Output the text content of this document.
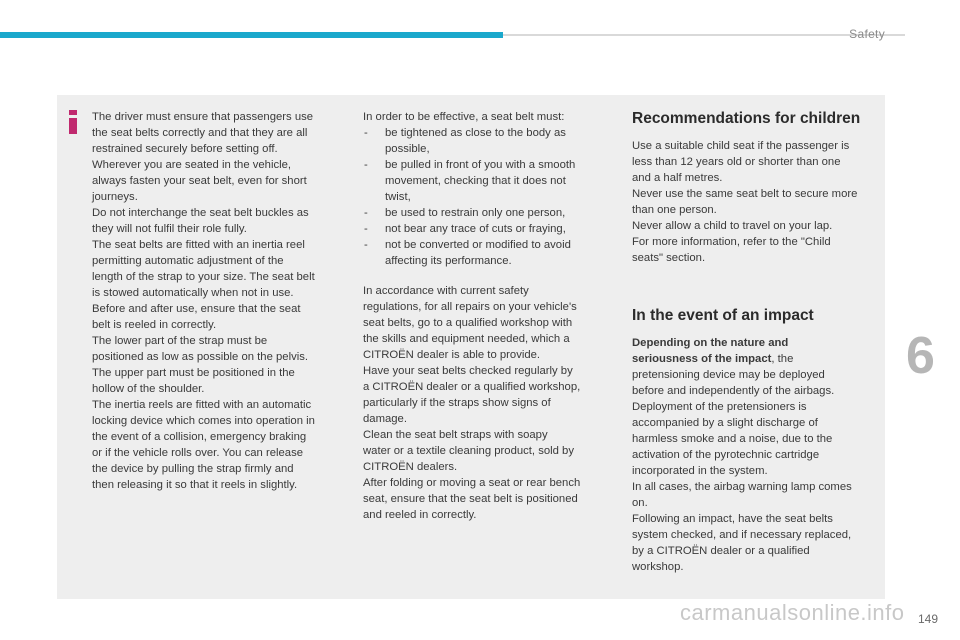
Safety
The driver must ensure that passengers use
the seat belts correctly and that they are all
restrained securely before setting off.
Wherever you are seated in the vehicle,
always fasten your seat belt, even for short
journeys.
Do not interchange the seat belt buckles as
they will not fulfil their role fully.
The seat belts are fitted with an inertia reel
permitting automatic adjustment of the
length of the strap to your size. The seat belt
is stowed automatically when not in use.
Before and after use, ensure that the seat
belt is reeled in correctly.
The lower part of the strap must be
positioned as low as possible on the pelvis.
The upper part must be positioned in the
hollow of the shoulder.
The inertia reels are fitted with an automatic
locking device which comes into operation in
the event of a collision, emergency braking
or if the vehicle rolls over. You can release
the device by pulling the strap firmly and
then releasing it so that it reels in slightly.

In order to be effective, a seat belt must:

- be tightened as close to the body as
possible,
- be pulled in front of you with a smooth
movement, checking that it does not
twist,
- be used to restrain only one person,
- not bear any trace of cuts or fraying,
- not be converted or modified to avoid
affecting its performance.
In accordance with current safety
regulations, for all repairs on your vehicle's
seat belts, go to a qualified workshop with
the skills and equipment needed, which a
CITROËN dealer is able to provide.
Have your seat belts checked regularly by
a CITROËN dealer or a qualified workshop,
particularly if the straps show signs of
damage.
Clean the seat belt straps with soapy
water or a textile cleaning product, sold by
CITROËN dealers.
After folding or moving a seat or rear bench
seat, ensure that the seat belt is positioned
and reeled in correctly.
Recommendations for children
Use a suitable child seat if the passenger is
less than 12 years old or shorter than one
and a half metres.
Never use the same seat belt to secure more
than one person.
Never allow a child to travel on your lap.
For more information, refer to the "Child
seats" section.
In the event of an impact
Depending on the nature and
seriousness of the impact, the
pretensioning device may be deployed
before and independently of the airbags.
Deployment of the pretensioners is
accompanied by a slight discharge of
harmless smoke and a noise, due to the
activation of the pyrotechnic cartridge
incorporated in the system.
In all cases, the airbag warning lamp comes
on.
Following an impact, have the seat belts
system checked, and if necessary replaced,
by a CITROËN dealer or a qualified
workshop.
6
149
carmanualsonline.info
